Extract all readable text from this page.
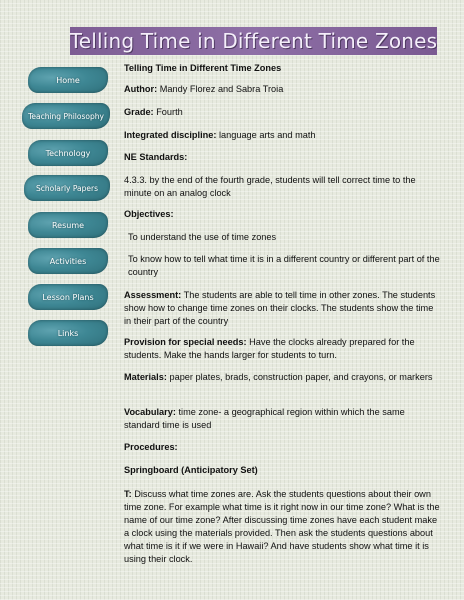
Telling Time in Different Time Zones
Home
Teaching Philosophy
Technology
Scholarly Papers
Resume
Activities
Lesson Plans
Links

Telling Time in Different Time Zones

Author: Mandy Florez and Sabra Troia

Grade: Fourth

Integrated discipline: language arts and math

NE Standards:

4.3.3. by the end of the fourth grade, students will tell correct time to the minute on an analog clock

Objectives:

To understand the use of time zones

To know how to tell what time it is in a different country or different part of the country

Assessment: The students are able to tell time in other zones. The students show how to change time zones on their clocks. The students show the time in their part of the country

Provision for special needs: Have the clocks already prepared for the students. Make the hands larger for students to turn.

Materials: paper plates, brads, construction paper, and crayons, or markers

Vocabulary: time zone- a geographical region within which the same standard time is used

Procedures:

Springboard (Anticipatory Set)

T: Discuss what time zones are. Ask the students questions about their own time zone. For example what time is it right now in our time zone? What is the name of our time zone? After discussing time zones have each student make a clock using the materials provided. Then ask the students questions about what time is it if we were in Hawaii? And have students show what time it is using their clock.
